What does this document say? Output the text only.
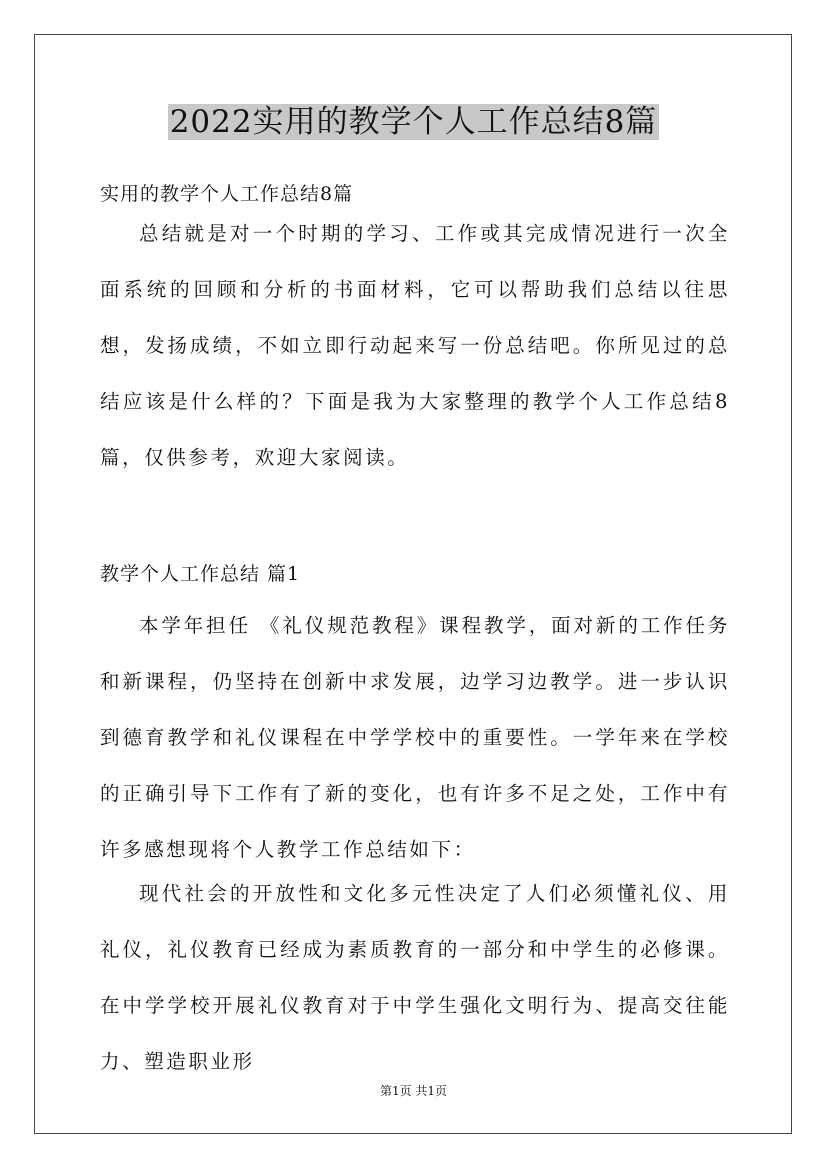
2022实用的教学个人工作总结8篇
实用的教学个人工作总结8篇

总结就是对一个时期的学习、工作或其完成情况进行一次全面系统的回顾和分析的书面材料，它可以帮助我们总结以往思想，发扬成绩，不如立即行动起来写一份总结吧。你所见过的总结应该是什么样的？下面是我为大家整理的教学个人工作总结8篇，仅供参考，欢迎大家阅读。

教学个人工作总结 篇1

本学年担任 《礼仪规范教程》课程教学，面对新的工作任务和新课程，仍坚持在创新中求发展，边学习边教学。进一步认识到德育教学和礼仪课程在中学学校中的重要性。一学年来在学校的正确引导下工作有了新的变化，也有许多不足之处，工作中有许多感想现将个人教学工作总结如下：

现代社会的开放性和文化多元性决定了人们必须懂礼仪、用礼仪，礼仪教育已经成为素质教育的一部分和中学生的必修课。在中学学校开展礼仪教育对于中学生强化文明行为、提高交往能力、塑造职业形

第1页 共1页
